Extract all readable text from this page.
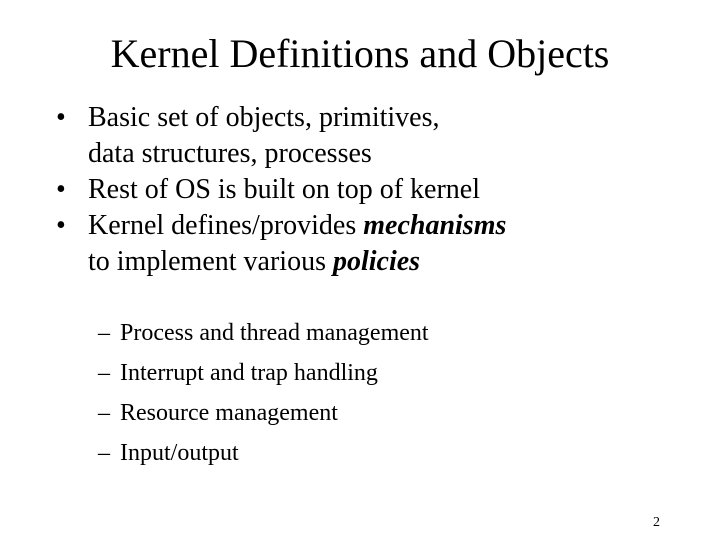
Kernel Definitions and Objects
• Basic set of objects, primitives,
data structures, processes
• Rest of OS is built on top of kernel
• Kernel defines/provides mechanisms
to implement various policies
– Process and thread management
– Interrupt and trap handling
– Resource management
– Input/output
2
